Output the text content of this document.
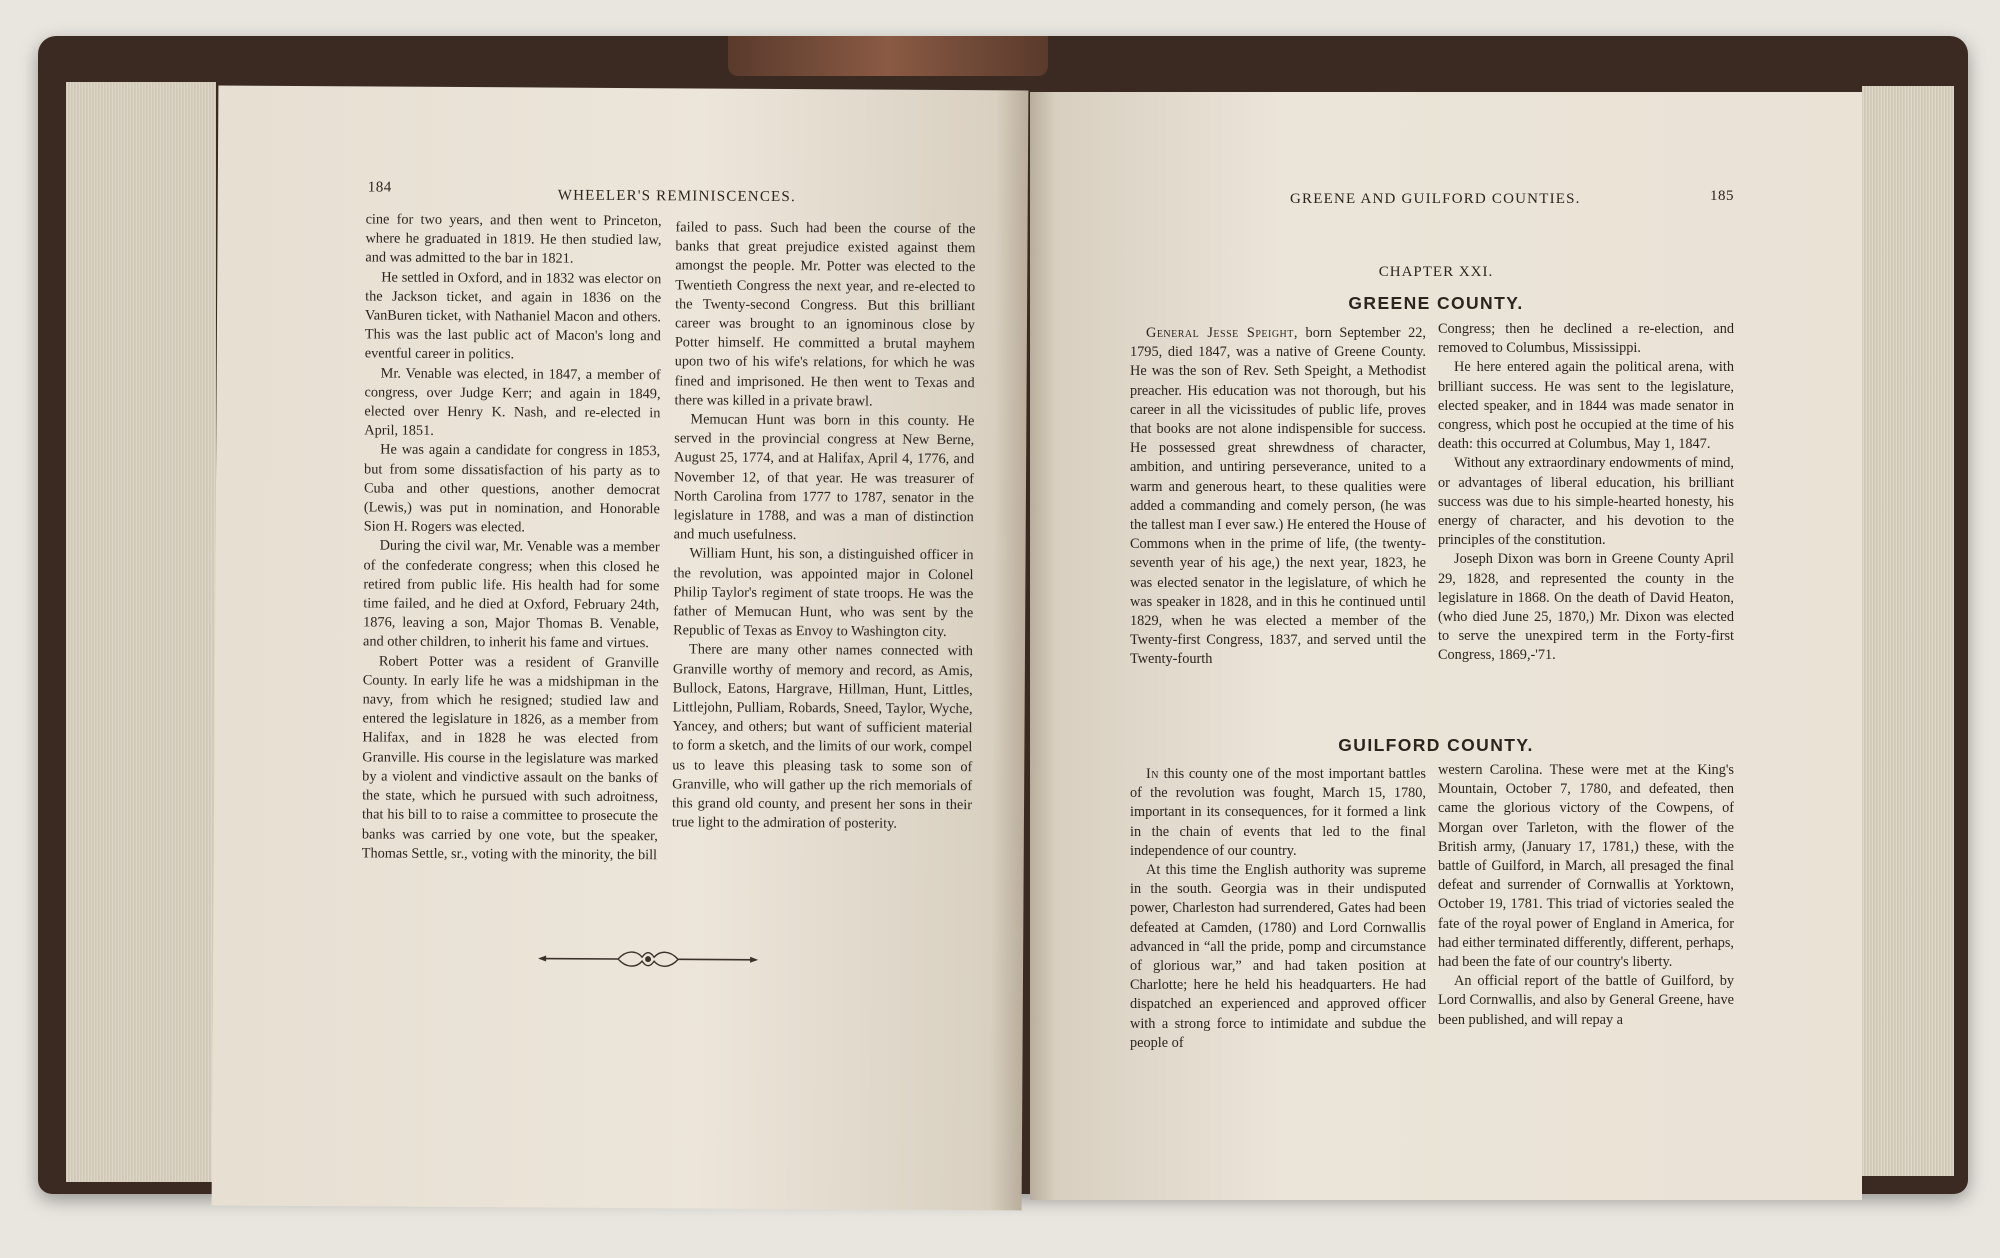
184
WHEELER'S REMINISCENCES.

cine for two years, and then went to Princeton, where he graduated in 1819. He then studied law, and was admitted to the bar in 1821.

He settled in Oxford, and in 1832 was elector on the Jackson ticket, and again in 1836 on the VanBuren ticket, with Nathaniel Macon and others. This was the last public act of Macon's long and eventful career in politics.

Mr. Venable was elected, in 1847, a member of congress, over Judge Kerr; and again in 1849, elected over Henry K. Nash, and re-elected in April, 1851.

He was again a candidate for congress in 1853, but from some dissatisfaction of his party as to Cuba and other questions, another democrat (Lewis,) was put in nomination, and Honorable Sion H. Rogers was elected.

During the civil war, Mr. Venable was a member of the confederate congress; when this closed he retired from public life. His health had for some time failed, and he died at Oxford, February 24th, 1876, leaving a son, Major Thomas B. Venable, and other children, to inherit his fame and virtues.

Robert Potter was a resident of Granville County. In early life he was a midshipman in the navy, from which he resigned; studied law and entered the legislature in 1826, as a member from Halifax, and in 1828 he was elected from Granville. His course in the legislature was marked by a violent and vindictive assault on the banks of the state, which he pursued with such adroitness, that his bill to to raise a committee to prosecute the banks was carried by one vote, but the speaker, Thomas Settle, sr., voting with the minority, the bill

failed to pass. Such had been the course of the banks that great prejudice existed against them amongst the people. Mr. Potter was elected to the Twentieth Congress the next year, and re-elected to the Twenty-second Congress. But this brilliant career was brought to an ignominous close by Potter himself. He committed a brutal mayhem upon two of his wife's relations, for which he was fined and imprisoned. He then went to Texas and there was killed in a private brawl.

Memucan Hunt was born in this county. He served in the provincial congress at New Berne, August 25, 1774, and at Halifax, April 4, 1776, and November 12, of that year. He was treasurer of North Carolina from 1777 to 1787, senator in the legislature in 1788, and was a man of distinction and much usefulness.

William Hunt, his son, a distinguished officer in the revolution, was appointed major in Colonel Philip Taylor's regiment of state troops. He was the father of Memucan Hunt, who was sent by the Republic of Texas as Envoy to Washington city.

There are many other names connected with Granville worthy of memory and record, as Amis, Bullock, Eatons, Hargrave, Hillman, Hunt, Littles, Littlejohn, Pulliam, Robards, Sneed, Taylor, Wyche, Yancey, and others; but want of sufficient material to form a sketch, and the limits of our work, compel us to leave this pleasing task to some son of Granville, who will gather up the rich memorials of this grand old county, and present her sons in their true light to the admiration of posterity.

GREENE AND GUILFORD COUNTIES.	185
CHAPTER XXI.
GREENE COUNTY.

General Jesse Speight, born September 22, 1795, died 1847, was a native of Greene County. He was the son of Rev. Seth Speight, a Methodist preacher. His education was not thorough, but his career in all the vicissitudes of public life, proves that books are not alone indispensible for success. He possessed great shrewdness of character, ambition, and untiring perseverance, united to a warm and generous heart, to these qualities were added a commanding and comely person, (he was the tallest man I ever saw.) He entered the House of Commons when in the prime of life, (the twenty-seventh year of his age,) the next year, 1823, he was elected senator in the legislature, of which he was speaker in 1828, and in this he continued until 1829, when he was elected a member of the Twenty-first Congress, 1837, and served until the Twenty-fourth

Congress; then he declined a re-election, and removed to Columbus, Mississippi.

He here entered again the political arena, with brilliant success. He was sent to the legislature, elected speaker, and in 1844 was made senator in congress, which post he occupied at the time of his death: this occurred at Columbus, May 1, 1847.

Without any extraordinary endowments of mind, or advantages of liberal education, his brilliant success was due to his simple-hearted honesty, his energy of character, and his devotion to the principles of the constitution.

Joseph Dixon was born in Greene County April 29, 1828, and represented the county in the legislature in 1868. On the death of David Heaton, (who died June 25, 1870,) Mr. Dixon was elected to serve the unexpired term in the Forty-first Congress, 1869,-'71.

GUILFORD COUNTY.

In this county one of the most important battles of the revolution was fought, March 15, 1780, important in its consequences, for it formed a link in the chain of events that led to the final independence of our country.

At this time the English authority was supreme in the south. Georgia was in their undisputed power, Charleston had surrendered, Gates had been defeated at Camden, (1780) and Lord Cornwallis advanced in “all the pride, pomp and circumstance of glorious war,” and had taken position at Charlotte; here he held his headquarters. He had dispatched an experienced and approved officer with a strong force to intimidate and subdue the people of

western Carolina. These were met at the King's Mountain, October 7, 1780, and defeated, then came the glorious victory of the Cowpens, of Morgan over Tarleton, with the flower of the British army, (January 17, 1781,) these, with the battle of Guilford, in March, all presaged the final defeat and surrender of Cornwallis at Yorktown, October 19, 1781. This triad of victories sealed the fate of the royal power of England in America, for had either terminated differently, different, perhaps, had been the fate of our country's liberty.

An official report of the battle of Guilford, by Lord Cornwallis, and also by General Greene, have been published, and will repay a
